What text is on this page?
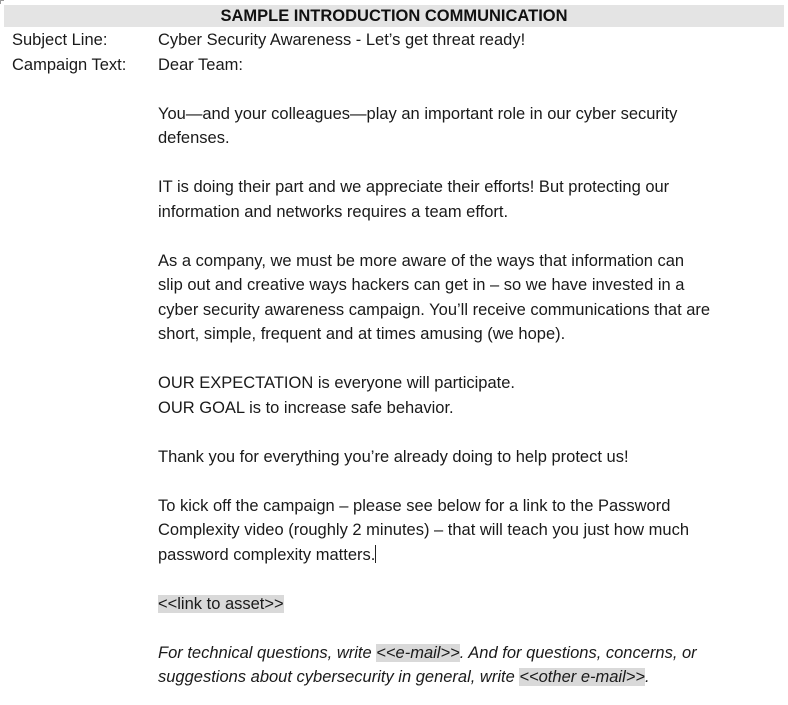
SAMPLE INTRODUCTION COMMUNICATION
Subject Line:
Campaign Text:
Cyber Security Awareness - Let’s get threat ready!
Dear Team:
You—and your colleagues—play an important role in our cyber security
defenses.
IT is doing their part and we appreciate their efforts! But protecting our
information and networks requires a team effort.
As a company, we must be more aware of the ways that information can
slip out and creative ways hackers can get in – so we have invested in a
cyber security awareness campaign. You’ll receive communications that are
short, simple, frequent and at times amusing (we hope).
OUR EXPECTATION is everyone will participate.
OUR GOAL is to increase safe behavior.
Thank you for everything you’re already doing to help protect us!
To kick off the campaign – please see below for a link to the Password
Complexity video (roughly 2 minutes) – that will teach you just how much
password complexity matters.
<<link to asset>>
For technical questions, write <<e-mail>>. And for questions, concerns, or
suggestions about cybersecurity in general, write <<other e-mail>>.
